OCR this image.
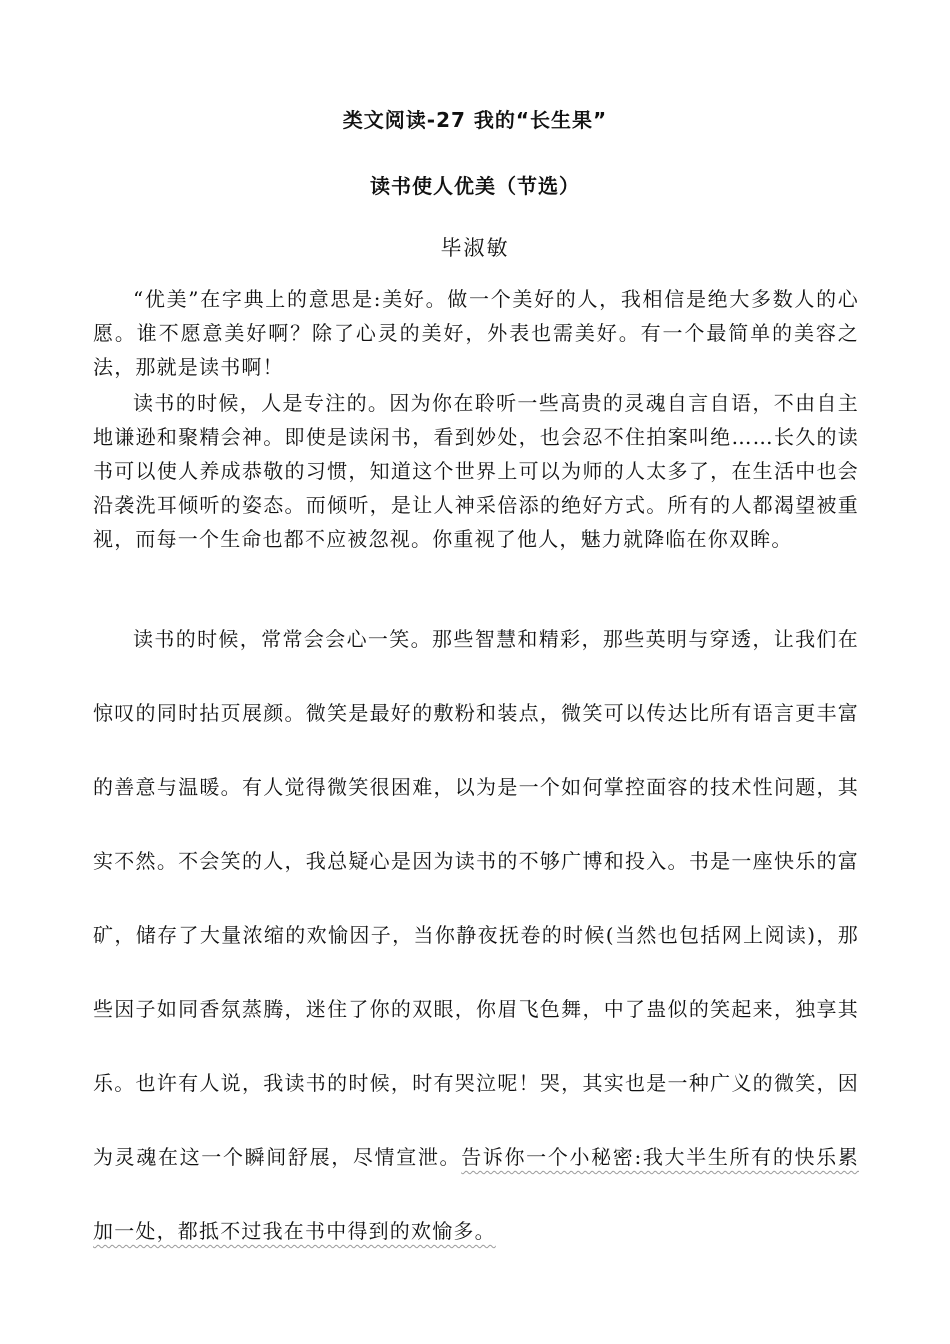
类文阅读-27 我的“长生果”
读书使人优美（节选）
毕淑敏

“优美”在字典上的意思是:美好。做一个美好的人，我相信是绝大多数人的心愿。谁不愿意美好啊？除了心灵的美好，外表也需美好。有一个最简单的美容之法，那就是读书啊！

读书的时候，人是专注的。因为你在聆听一些高贵的灵魂自言自语，不由自主地谦逊和聚精会神。即使是读闲书，看到妙处，也会忍不住拍案叫绝……长久的读书可以使人养成恭敬的习惯，知道这个世界上可以为师的人太多了，在生活中也会沿袭洗耳倾听的姿态。而倾听，是让人神采倍添的绝好方式。所有的人都渴望被重视，而每一个生命也都不应被忽视。你重视了他人，魅力就降临在你双眸。

读书的时候，常常会会心一笑。那些智慧和精彩，那些英明与穿透，让我们在惊叹的同时拈页展颜。微笑是最好的敷粉和装点，微笑可以传达比所有语言更丰富的善意与温暖。有人觉得微笑很困难，以为是一个如何掌控面容的技术性问题，其实不然。不会笑的人，我总疑心是因为读书的不够广博和投入。书是一座快乐的富矿，储存了大量浓缩的欢愉因子，当你静夜抚卷的时候(当然也包括网上阅读)，那些因子如同香氛蒸腾，迷住了你的双眼，你眉飞色舞，中了蛊似的笑起来，独享其乐。也许有人说，我读书的时候，时有哭泣呢！哭，其实也是一种广义的微笑，因为灵魂在这一个瞬间舒展，尽情宣泄。告诉你一个小秘密:我大半生所有的快乐累加一处，都抵不过我在书中得到的欢愉多。
